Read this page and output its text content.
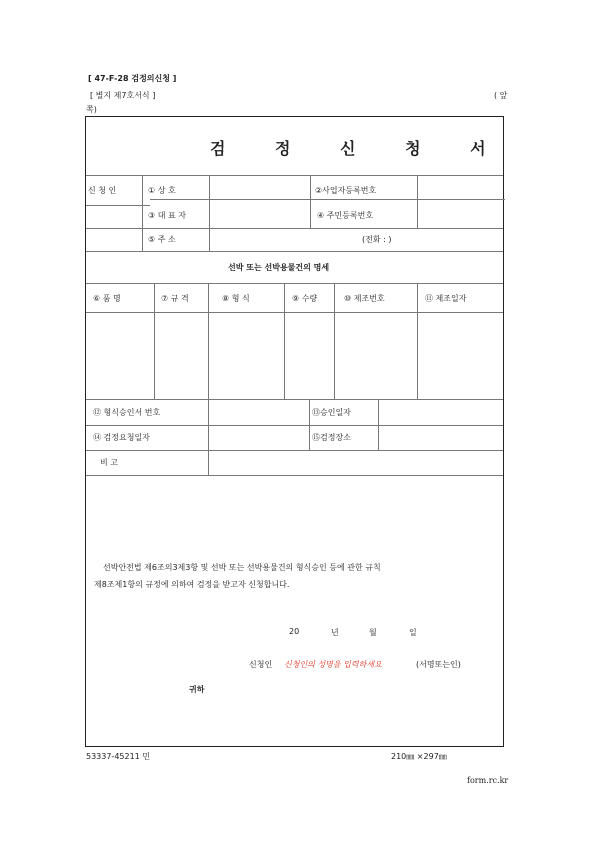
[ 47-F-28 검정의신청 ]
[ 별지 제7호서식 ]	( 앞
쪽)
검 정 신 청 서
신 청 인	① 상 호	②사업자등록번호
③ 대 표 자	④ 주민등록번호
⑤ 주 소	(전화 : )
선박 또는 선박용물건의 명세
⑥ 품 명	⑦ 규 격	⑧ 형 식	⑨ 수량	⑩ 제조번호	⑪ 제조일자
⑫ 형식승인서 번호	⑬승인일자
⑭ 검정요청일자	⑮검정장소
비 고
선박안전법 제6조의3제3항 및 선박 또는 선박용물건의 형식승인 등에 관한 규칙
제8조제1항의 규정에 의하여 검정을 받고자 신청합니다.
20	년	월	일
신청인 신청인의 성명을 입력하세요	(서명또는인)
귀하
53337-45211 민	210㎜ ×297㎜
form.rc.kr
